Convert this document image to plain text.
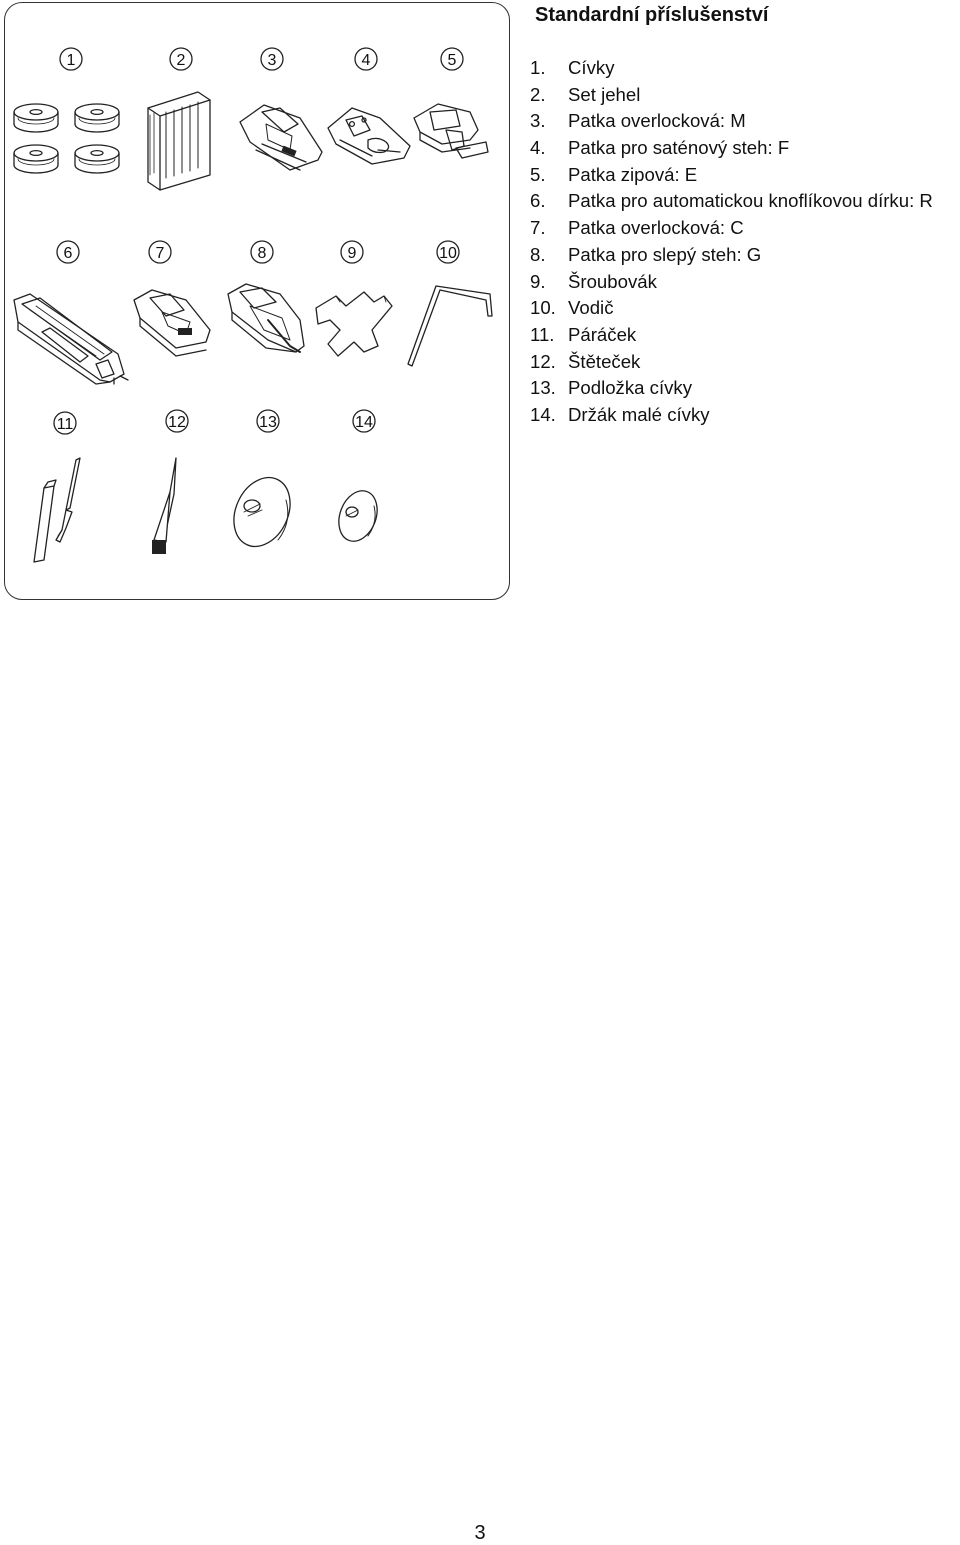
1	2	3	4	5
6	7	8	9	10
11	12	13	14
Standardní příslušenství
1. Cívky
2. Set jehel
3. Patka overlocková: M
4. Patka pro saténový steh: F
5. Patka zipová: E
6. Patka pro automatickou knoflíkovou dírku: R
7. Patka overlocková: C
8. Patka pro slepý steh: G
9. Šroubovák
10. Vodič
11. Páráček
12. Štěteček
13. Podložka cívky
14. Držák malé cívky
3
